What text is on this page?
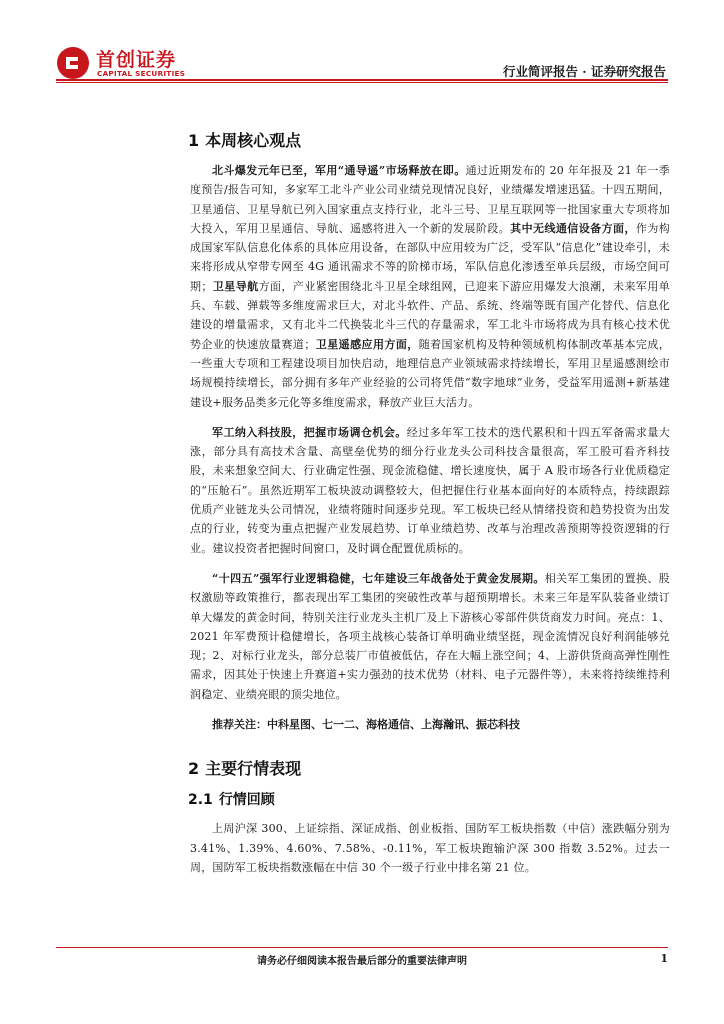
首创证券
CAPITAL SECURITIES	行业简评报告 · 证券研究报告
1 本周核心观点

北斗爆发元年已至，军用“通导遥”市场释放在即。通过近期发布的 20 年年报及 21 年一季度预告/报告可知，多家军工北斗产业公司业绩兑现情况良好，业绩爆发增速迅猛。十四五期间，卫星通信、卫星导航已列入国家重点支持行业，北斗三号、卫星互联网等一批国家重大专项将加大投入，军用卫星通信、导航、遥感将进入一个新的发展阶段。其中无线通信设备方面，作为构成国家军队信息化体系的具体应用设备，在部队中应用较为广泛，受军队“信息化”建设牵引，未来将形成从窄带专网至 4G 通讯需求不等的阶梯市场，军队信息化渗透至单兵层级，市场空间可期；卫星导航方面，产业紧密围绕北斗卫星全球组网，已迎来下游应用爆发大浪潮，未来军用单兵、车载、弹载等多维度需求巨大，对北斗软件、产品、系统、终端等既有国产化替代、信息化建设的增量需求，又有北斗二代换装北斗三代的存量需求，军工北斗市场将成为具有核心技术优势企业的快速放量赛道；卫星遥感应用方面，随着国家机构及特种领域机构体制改革基本完成，一些重大专项和工程建设项目加快启动，地理信息产业领域需求持续增长，军用卫星遥感测绘市场规模持续增长，部分拥有多年产业经验的公司将凭借“数字地球”业务，受益军用遥测+新基建建设+服务品类多元化等多维度需求，释放产业巨大活力。

军工纳入科技股，把握市场调仓机会。经过多年军工技术的迭代累积和十四五军备需求量大涨，部分具有高技术含量、高壁垒优势的细分行业龙头公司科技含量很高，军工股可看齐科技股，未来想象空间大、行业确定性强、现金流稳健、增长速度快，属于 A 股市场各行业优质稳定的“压舱石”。虽然近期军工板块波动调整较大，但把握住行业基本面向好的本质特点，持续跟踪优质产业链龙头公司情况，业绩将随时间逐步兑现。军工板块已经从情绪投资和趋势投资为出发点的行业，转变为重点把握产业发展趋势、订单业绩趋势、改革与治理改善预期等投资逻辑的行业。建议投资者把握时间窗口，及时调仓配置优质标的。

“十四五”强军行业逻辑稳健，七年建设三年战备处于黄金发展期。相关军工集团的置换、股权激励等政策推行，都表现出军工集团的突破性改革与超预期增长。未来三年是军队装备业绩订单大爆发的黄金时间，特别关注行业龙头主机厂及上下游核心零部件供货商发力时间。亮点：1、2021 年军费预计稳健增长，各项主战核心装备订单明确业绩坚挺，现金流情况良好利润能够兑现；2、对标行业龙头，部分总装厂市值被低估，存在大幅上涨空间；4、上游供货商高弹性刚性需求，因其处于快速上升赛道+实力强劲的技术优势（材料、电子元器件等），未来将持续维持利润稳定、业绩亮眼的顶尖地位。

推荐关注：中科星图、七一二、海格通信、上海瀚讯、振芯科技

2 主要行情表现
2.1 行情回顾

上周沪深 300、上证综指、深证成指、创业板指、国防军工板块指数（中信）涨跌幅分别为 3.41%、1.39%、4.60%、7.58%、-0.11%，军工板块跑输沪深 300 指数 3.52%。过去一周，国防军工板块指数涨幅在中信 30 个一级子行业中排名第 21 位。

请务必仔细阅读本报告最后部分的重要法律声明	1
